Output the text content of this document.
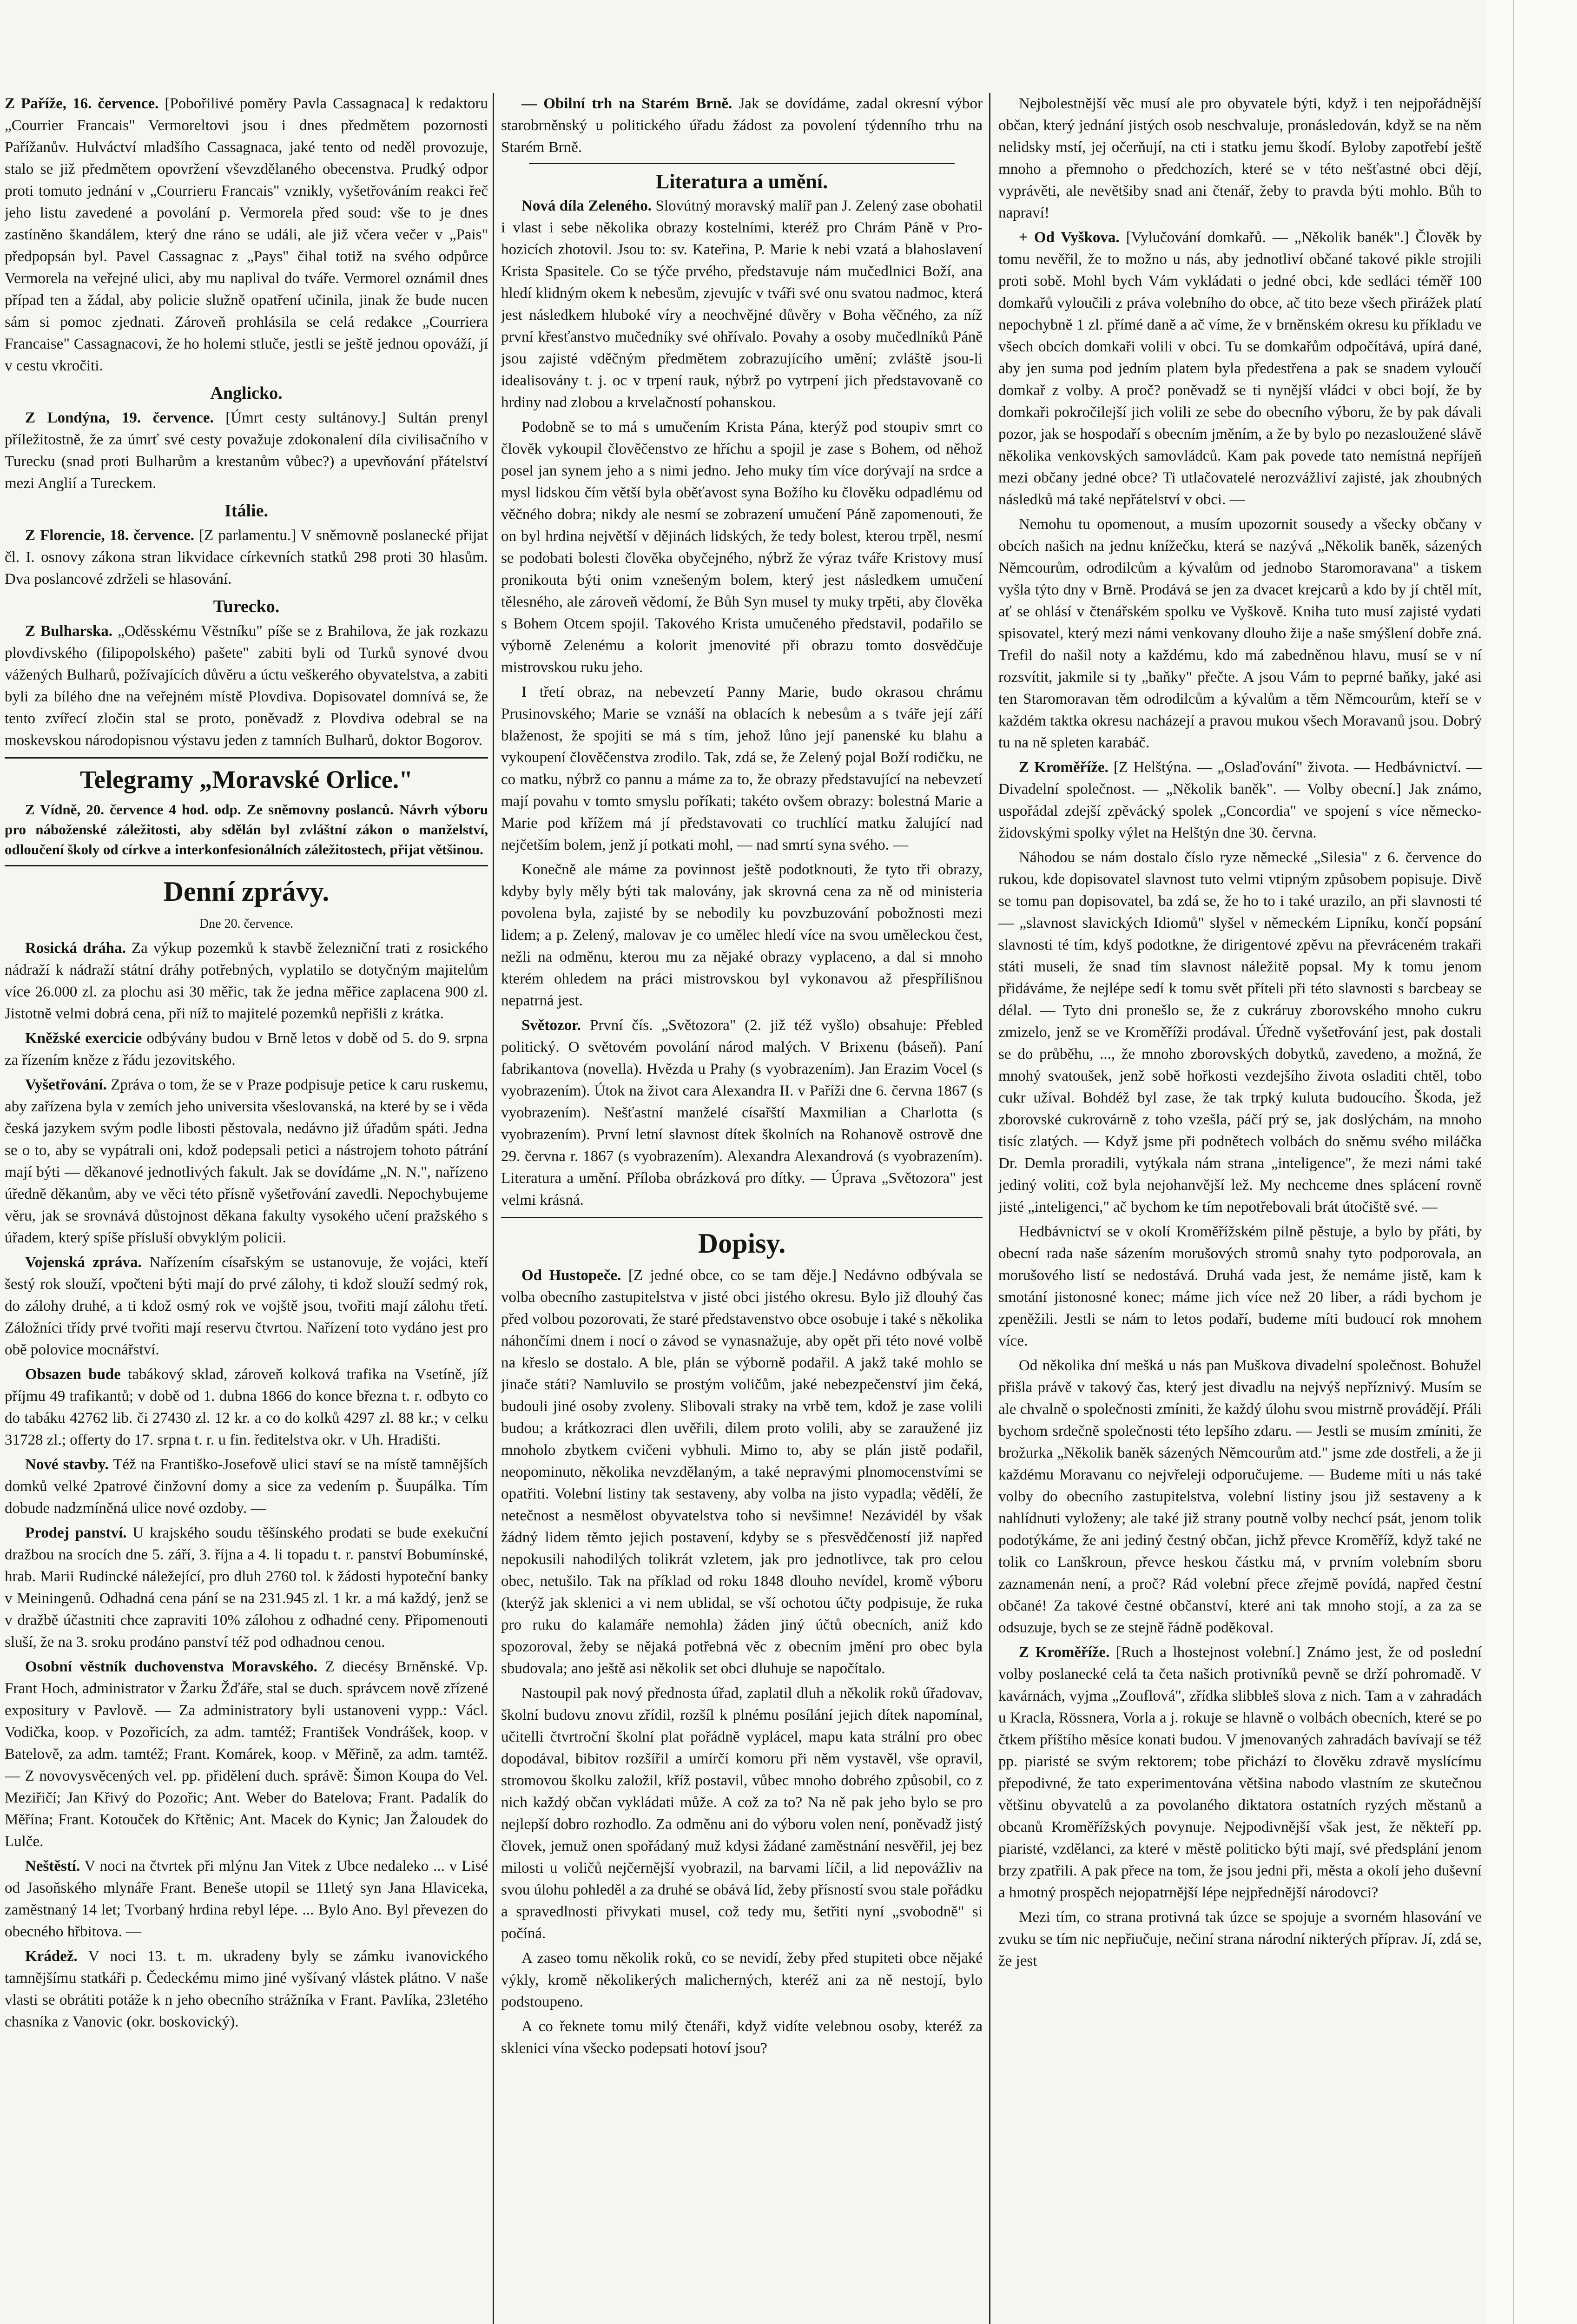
Z Paříže, 16. července. [Pobořilivé poměry Pavla Cassagnaca] k redaktoru „Courrier Francais" Vermoreltovi jsou i dnes předmětem pozornosti Pařížanův. Hulváctví mladšího Cassagnaca, jaké tento od neděl provozuje, stalo se již předmětem opovržení vševzdělaného obecenstva. Prudký odpor proti tomuto jednání v „Courrieru Francais" vznikly, vyšetřováním reakci řeč jeho listu zavedené a povolání p. Vermorela před soud: vše to je dnes zastíněno škandálem, který dne ráno se událi, ale již včera večer v „Pais" předpopsán byl. Pavel Cassagnac z „Pays" čihal totiž na svého odpůrce Vermorela na veřejné ulici, aby mu naplival do tváře. Vermorel oznámil dnes případ ten a žádal, aby policie služně opatření učinila, jinak že bude nucen sám si pomoc zjednati. Zároveň prohlásila se celá redakce „Courriera Francaise" Cassagnacovi, že ho holemi stluče, jestli se ještě jednou opováží, jí v cestu vkročiti.

Anglicko.

Z Londýna, 19. července. [Úmrt cesty sultánovy.] Sultán prenyl příležitostně, že za úmrť své cesty považuje zdokonalení díla civilisačního v Turecku (snad proti Bulharům a krestanům vůbec?) a upevňování přátelství mezi Anglií a Tureckem.

Itálie.

Z Florencie, 18. července. [Z parlamentu.] V sněmovně poslanecké přijat čl. I. osnovy zákona stran likvidace církevních statků 298 proti 30 hlasům. Dva poslancové zdrželi se hlasování.

Turecko.

Z Bulharska. „Oděsskému Věstníku" píše se z Brahilova, že jak rozkazu plovdivského (filipopolského) pašete" zabiti byli od Turků synové dvou vážených Bulharů, požívajících důvěru a úctu veškerého obyvatelstva, a zabiti byli za bílého dne na veřejném místě Plovdiva. Dopisovatel domnívá se, že tento zvířecí zločin stal se proto, poněvadž z Plovdiva odebral se na moskevskou národopisnou výstavu jeden z tamních Bulharů, doktor Bogorov.

Telegramy „Moravské Orlice."

Z Vídně, 20. července 4 hod. odp. Ze sněmovny poslanců. Návrh výboru pro náboženské záležitosti, aby sdělán byl zvláštní zákon o manželství, odloučení školy od církve a interkonfesionálních záležitostech, přijat většinou.

Denní zprávy.
Dne 20. července.

Rosická dráha. Za výkup pozemků k stavbě železniční trati z rosického nádraží k nádraží státní dráhy potřebných, vyplatilo se dotyčným majitelům více 26.000 zl. za plochu asi 30 měřic, tak že jedna měřice zaplacena 900 zl. Jistotně velmi dobrá cena, při níž to majitelé pozemků nepřišli z krátka.

Kněžské exercicie odbývány budou v Brně letos v době od 5. do 9. srpna za řízením kněze z řádu jezovitského.

Vyšetřování. Zpráva o tom, že se v Praze podpisuje petice k caru ruskemu, aby zařízena byla v zemích jeho universita všeslovanská, na které by se i věda česká jazykem svým podle libosti pěstovala, nedávno již úřadům spáti. Jedna se o to, aby se vypátrali oni, kdož podepsali petici a nástrojem tohoto pátrání mají býti — děkanové jednotlivých fakult. Jak se dovídáme „N. N.", nařízeno úředně děkanům, aby ve věci této přísně vyšetřování zavedli. Nepochybujeme věru, jak se srovnává důstojnost děkana fakulty vysokého učení pražského s úřadem, který spíše přísluší obvyklým policii.

Vojenská zpráva. Nařízením císařským se ustanovuje, že vojáci, kteří šestý rok slouží, vpočteni býti mají do prvé zálohy, ti kdož slouží sedmý rok, do zálohy druhé, a ti kdož osmý rok ve vojště jsou, tvořiti mají zálohu třetí. Záložníci třídy prvé tvořiti mají reservu čtvrtou. Nařízení toto vydáno jest pro obě polovice mocnářství.

Obsazen bude tabákový sklad, zároveň kolková trafika na Vsetíně, jíž příjmu 49 trafikantů; v době od 1. dubna 1866 do konce března t. r. odbyto co do tabáku 42762 lib. či 27430 zl. 12 kr. a co do kolků 4297 zl. 88 kr.; v celku 31728 zl.; offerty do 17. srpna t. r. u fin. ředitelstva okr. v Uh. Hradišti.

Nové stavby. Též na Františko-Josefově ulici staví se na místě tamnějších domků velké 2patrové činžovní domy a sice za vedením p. Šuupálka. Tím dobude nadzmíněná ulice nové ozdoby. —

Prodej panství. U krajského soudu těšínského prodati se bude exekuční dražbou na srocích dne 5. září, 3. října a 4. li topadu t. r. panství Bobumínské, hrab. Marii Rudincké náležející, pro dluh 2760 tol. k žádosti hypoteční banky v Meiningenů. Odhadná cena pání se na 231.945 zl. 1 kr. a má každý, jenž se v dražbě účastniti chce zapraviti 10% zálohou z odhadné ceny. Připomenouti sluší, že na 3. sroku prodáno panství též pod odhadnou cenou.

Osobní věstník duchovenstva Moravského. Z diecésy Brněnské. Vp. Frant Hoch, administrator v Žarku Žďáře, stal se duch. správcem nově zřízené expositury v Pavlově. — Za administratory byli ustanoveni vypp.: Václ. Vodička, koop. v Pozořicích, za adm. tamtéž; František Vondrášek, koop. v Batelově, za adm. tamtéž; Frant. Komárek, koop. v Měřině, za adm. tamtéž. — Z novovysvěcených vel. pp. přidělení duch. správě: Šimon Koupa do Vel. Meziřičí; Jan Křivý do Pozořic; Ant. Weber do Batelova; Frant. Padalík do Měřína; Frant. Kotouček do Křtěnic; Ant. Macek do Kynic; Jan Žaloudek do Lulče.

Neštěstí. V noci na čtvrtek při mlýnu Jan Vitek z Ubce nedaleko ... v Lisé od Jasoňského mlynáře Frant. Beneše utopil se 11letý syn Jana Hlaviceka, zaměstnaný 14 let; Tvorbaný hrdina rebyl lépe. ... Bylo Ano. Byl převezen do obecného hřbitova. —

Krádež. V noci 13. t. m. ukradeny byly se zámku ivanovického tamnějšímu statkáři p. Čedeckému mimo jiné vyšívaný vlástek plátno. V naše vlasti se obrátiti potáže k n jeho obecního strážníka v Frant. Pavlíka, 23letého chasníka z Vanovic (okr. boskovický).

— Obilní trh na Starém Brně. Jak se dovídáme, zadal okresní výbor starobrněnský u politického úřadu žádost za povolení týdenního trhu na Starém Brně.

Literatura a umění.

Nová díla Zeleného. Slovútný moravský malíř pan J. Zelený zase obohatil i vlast i sebe několika obrazy kostelními, kteréž pro Chrám Páně v Pro-hozicích zhotovil. Jsou to: sv. Kateřina, P. Marie k nebi vzatá a blahoslavení Krista Spasitele. Co se týče prvého, představuje nám mučedlnici Boží, ana hledí klidným okem k nebesům, zjevujíc v tváři své onu svatou nadmoc, která jest následkem hluboké víry a neochvějné důvěry v Boha věčného, za níž první křesťanstvo mučedníky své ohřívalo. Povahy a osoby mučedlníků Páně jsou zajisté vděčným předmětem zobrazujícího umění; zvláště jsou-li idealisovány t. j. oc v trpení rauk, nýbrž po vytrpení jich představovaně co hrdiny nad zlobou a krvelačností pohanskou.

Podobně se to má s umučením Krista Pána, kterýž pod stoupiv smrt co člověk vykoupil člověčenstvo ze hříchu a spojil je zase s Bohem, od něhož posel jan synem jeho a s nimi jedno. Jeho muky tím více dorývají na srdce a mysl lidskou čím větší byla oběťavost syna Božího ku člověku odpadlému od věčného dobra; nikdy ale nesmí se zobrazení umučení Páně zapomenouti, že on byl hrdina největší v dějinách lidských, že tedy bolest, kterou trpěl, nesmí se podobati bolesti člověka obyčejného, nýbrž že výraz tváře Kristovy musí pronikouta býti onim vznešeným bolem, který jest následkem umučení tělesného, ale zároveň vědomí, že Bůh Syn musel ty muky trpěti, aby člověka s Bohem Otcem spojil. Takového Krista umučeného představil, podařilo se výborně Zelenému a kolorit jmenovité při obrazu tomto dosvědčuje mistrovskou ruku jeho.

I třetí obraz, na nebevzetí Panny Marie, budo okrasou chrámu Prusinovského; Marie se vznáší na oblacích k nebesům a s tváře její září blaženost, že spojiti se má s tím, jehož lůno její panenské ku blahu a vykoupení člověčenstva zrodilo. Tak, zdá se, že Zelený pojal Boží rodičku, ne co matku, nýbrž co pannu a máme za to, že obrazy představující na nebevzetí mají povahu v tomto smyslu poříkati; takéto ovšem obrazy: bolestná Marie a Marie pod křížem má jí představovati co truchlící matku žalující nad nejčetším bolem, jenž jí potkati mohl, — nad smrtí syna svého. —

Konečně ale máme za povinnost ještě podotknouti, že tyto tři obrazy, kdyby byly měly býti tak malovány, jak skrovná cena za ně od ministeria povolena byla, zajisté by se nebodily ku povzbuzování pobožnosti mezi lidem; a p. Zelený, malovav je co umělec hledí více na svou uměleckou čest, nežli na odměnu, kterou mu za nějaké obrazy vyplaceno, a dal si mnoho kterém ohledem na práci mistrovskou byl vykonavou až přespřílišnou nepatrná jest.

Světozor. První čís. „Světozora" (2. již též vyšlo) obsahuje: Přebled politický. O světovém povolání národ malých. V Brixenu (báseň). Paní fabrikantova (novella). Hvězda u Prahy (s vyobrazením). Jan Erazim Vocel (s vyobrazením). Útok na život cara Alexandra II. v Paříži dne 6. června 1867 (s vyobrazením). Nešťastní manželé císařští Maxmilian a Charlotta (s vyobrazením). První letní slavnost dítek školních na Rohanově ostrově dne 29. června r. 1867 (s vyobrazením). Alexandra Alexandrová (s vyobrazením). Literatura a umění. Příloba obrázková pro dítky. — Úprava „Světozora" jest velmi krásná.

Dopisy.

Od Hustopeče. [Z jedné obce, co se tam děje.] Nedávno odbývala se volba obecního zastupitelstva v jisté obci jistého okresu. Bylo již dlouhý čas před volbou pozorovati, že staré představenstvo obce osobuje i také s několika náhončími dnem i nocí o závod se vynasnažuje, aby opět při této nové volbě na křeslo se dostalo. A ble, plán se výborně podařil. A jakž také mohlo se jinače státi? Namluvilo se prostým voličům, jaké nebezpečenství jim čeká, budouli jiné osoby zvoleny. Slibovali straky na vrbě tem, kdož je zase volili budou; a krátkozraci dlen uvěřili, dilem proto volili, aby se zaraužené jiz mnoholo zbytkem cvičeni vybhuli. Mimo to, aby se plán jistě podařil, neopominuto, několika nevzdělaným, a také nepravými plnomocenstvími se opatřiti. Volební listiny tak sestaveny, aby volba na jisto vypadla; vědělí, že netečnost a nesmělost obyvatelstva toho si nevšimne! Nezávidél by však žádný lidem těmto jejich postavení, kdyby se s přesvědčeností již napřed nepokusili nahodilých tolikrát vzletem, jak pro jednotlivce, tak pro celou obec, netušilo. Tak na příklad od roku 1848 dlouho nevídel, kromě výboru (kterýž jak sklenici a vi nem ublidal, se vší ochotou účty podpisuje, že ruka pro ruku do kalamáře nemohla) žáden jiný účtů obecních, aniž kdo spozoroval, žeby se nějaká potřebná věc z obecním jmění pro obec byla sbudovala; ano ještě asi několik set obci dluhuje se napočítalo.

Nastoupil pak nový přednosta úřad, zaplatil dluh a několik roků úřadovav, školní budovu znovu zřídil, rozšíl k plnému posílání jejich dítek napomínal, učitelli čtvrtroční školní plat pořádně vyplácel, mapu kata strální pro obec dopodával, bibitov rozšířil a umírčí komoru při něm vystavěl, vše opravil, stromovou školku založil, kříž postavil, vůbec mnoho dobrého způsobil, co z nich každý občan vykládati může. A což za to? Na ně pak jeho bylo se pro nejlepší dobro rozhodlo. Za odměnu ani do výboru volen není, poněvadž jistý človek, jemuž onen spořádaný muž kdysi žádané zaměstnání nesvěřil, jej bez milosti u voličů nejčernější vyobrazil, na barvami líčil, a lid nepovážliv na svou úlohu pohleděl a za druhé se obává líd, žeby přísností svou stale pořádku a spravedlnosti přivykati musel, což tedy mu, šetřiti nyní „svobodně" si počíná.

A zaseo tomu několik roků, co se nevidí, žeby před stupiteti obce nějaké výkly, kromě několikerých malicherných, kteréž ani za ně nestojí, bylo podstoupeno.

A co řeknete tomu milý čtenáři, když vidíte velebnou osoby, kteréž za sklenici vína všecko podepsati hotoví jsou?

Nejbolestnější věc musí ale pro obyvatele býti, když i ten nejpořádnější občan, který jednání jistých osob neschvaluje, pronásledován, když se na něm nelidsky mstí, jej očerňují, na cti i statku jemu škodí. Byloby zapotřebí ještě mnoho a přemnoho o předchozích, které se v této nešťastné obci dějí, vyprávěti, ale nevětšiby snad ani čtenář, žeby to pravda býti mohlo. Bůh to napraví!

+ Od Vyškova. [Vylučování domkařů. — „Několik banék".] Člověk by tomu nevěřil, že to možno u nás, aby jednotliví občané takové pikle strojili proti sobě. Mohl bych Vám vykládati o jedné obci, kde sedláci téměř 100 domkařů vyloučili z práva volebního do obce, ač tito beze všech přirážek platí nepochybně 1 zl. přímé daně a ač víme, že v brněnském okresu ku příkladu ve všech obcích domkaři volili v obci. Tu se domkařům odpočítává, upírá dané, aby jen suma pod jedním platem byla předestřena a pak se snadem vyloučí domkař z volby. A proč? poněvadž se ti nynější vládci v obci bojí, že by domkaři pokročilejší jich volili ze sebe do obecního výboru, že by pak dávali pozor, jak se hospodaří s obecním jměním, a že by bylo po nezasloužené slávě několika venkovských samovládců. Kam pak povede tato nemístná nepříjeň mezi občany jedné obce? Ti utlačovatelé nerozvážliví zajisté, jak zhoubných následků má také nepřátelství v obci. —

Nemohu tu opomenout, a musím upozornit sousedy a všecky občany v obcích našich na jednu knížečku, která se nazývá „Několik baněk, sázených Němcourům, odrodilcům a kývalům od jednobo Staromoravana" a tiskem vyšla týto dny v Brně. Prodává se jen za dvacet krejcarů a kdo by jí chtěl mít, ať se ohlásí v čtenářském spolku ve Vyškově. Kniha tuto musí zajisté vydati spisovatel, který mezi námi venkovany dlouho žije a naše smýšlení dobře zná. Trefil do našil noty a každému, kdo má zabedněnou hlavu, musí se v ní rozsvítit, jakmile si ty „baňky" přečte. A jsou Vám to peprné baňky, jaké asi ten Staromoravan těm odrodilcům a kývalům a těm Němcourům, kteří se v každém taktka okresu nacházejí a pravou mukou všech Moravanů jsou. Dobrý tu na ně spleten karabáč.

Z Kroměříže. [Z Helštýna. — „Oslaďování" života. — Hedbávnictví. — Divadelní společnost. — „Několik baněk". — Volby obecní.] Jak známo, uspořádal zdejší zpěvácký spolek „Concordia" ve spojení s více německo-židovskými spolky výlet na Helštýn dne 30. června.

Náhodou se nám dostalo číslo ryze německé „Silesia" z 6. července do rukou, kde dopisovatel slavnost tuto velmi vtipným způsobem popisuje. Divě se tomu pan dopisovatel, ba zdá se, že ho to i také urazilo, an při slavnosti té — „slavnost slavických Idiomů" slyšel v německém Lipníku, končí popsání slavnosti té tím, kdyš podotkne, že dirigentové zpěvu na převráceném trakaři státi museli, že snad tím slavnost náležitě popsal. My k tomu jenom přidáváme, že nejlépe sedí k tomu svět příteli při této slavnosti s barcbeay se délal. — Tyto dni pronešlo se, že z cukráruy zborovského mnoho cukru zmizelo, jenž se ve Kroměříži prodával. Úředně vyšetřování jest, pak dostali se do průběhu, ..., že mnoho zborovských dobytků, zavedeno, a možná, že mnohý svatoušek, jenž sobě hořkosti vezdejšího života osladiti chtěl, tobo cukr užíval. Bohdéž byl zase, že tak trpký kuluta budoucího. Škoda, jež zborovské cukrovárně z toho vzešla, páčí prý se, jak doslýchám, na mnoho tisíc zlatých. — Když jsme při podnětech volbách do sněmu svého miláčka Dr. Demla proradili, vytýkala nám strana „inteligence", že mezi námi také jediný voliti, což byla nejohanvější lež. My nechceme dnes splácení rovně jisté „inteligenci," ač bychom ke tím nepotřebovali brát útočiště své. —

Hedbávnictví se v okolí Kroměřížském pilně pěstuje, a bylo by přáti, by obecní rada naše sázením morušových stromů snahy tyto podporovala, an morušového listí se nedostává. Druhá vada jest, že nemáme jistě, kam k smotání jistonosné konec; máme jich více než 20 liber, a rádi bychom je zpeněžili. Jestli se nám to letos podaří, budeme míti budoucí rok mnohem více.

Od několika dní mešká u nás pan Muškova divadelní společnost. Bohužel přišla právě v takový čas, který jest divadlu na nejvýš nepříznivý. Musím se ale chvalně o společnosti zmíniti, že každý úlohu svou mistrně provádějí. Přáli bychom srdečně společnosti této lepšího zdaru. — Jestli se musím zmíniti, že brožurka „Několik baněk sázených Němcourům atd." jsme zde dostřeli, a že ji každému Moravanu co nejvřeleji odporučujeme. — Budeme míti u nás také volby do obecního zastupitelstva, volební listiny jsou již sestaveny a k nahlídnuti vyloženy; ale také již strany poutně volby nechcí psát, jenom tolik podotýkáme, že ani jediný čestný občan, jichž převce Kroměříž, když také ne tolik co Lanškroun, převce heskou částku má, v prvním volebním sboru zaznamenán není, a proč? Rád volební přece zřejmě povídá, napřed čestní občané! Za takové čestné občanství, které ani tak mnoho stojí, a za za se odsuzuje, bych se ze stejně řádně poděkoval.

Z Kroměříže. [Ruch a lhostejnost volební.] Známo jest, že od poslední volby poslanecké celá ta četa našich protivníků pevně se drží pohromadě. V kavárnách, vyjma „Zouflová", zřídka slibbleš slova z nich. Tam a v zahradách u Kracla, Rössnera, Vorla a j. rokuje se hlavně o volbách obecních, které se po čtkem příštího měsíce konati budou. V jmenovaných zahradách bavívají se též pp. piaristé se svým rektorem; tobe přichází to člověku zdravě myslícímu přepodivné, že tato experimentována většina nabodo vlastním ze skutečnou většinu obyvatelů a za povolaného diktatora ostatních ryzých městanů a obcanů Kroměřížských povynuje. Nejpodivnější však jest, že někteří pp. piaristé, vzdělanci, za které v městě politicko býti mají, své předsplání jenom brzy zpatřili. A pak přece na tom, že jsou jedni při, města a okolí jeho duševní a hmotný prospěch nejopatrnější lépe nejpřednější národovci?

Mezi tím, co strana protivná tak úzce se spojuje a svorném hlasování ve zvuku se tím nic nepřiučuje, nečiní strana národní nikterých příprav. Jí, zdá se, že jest
